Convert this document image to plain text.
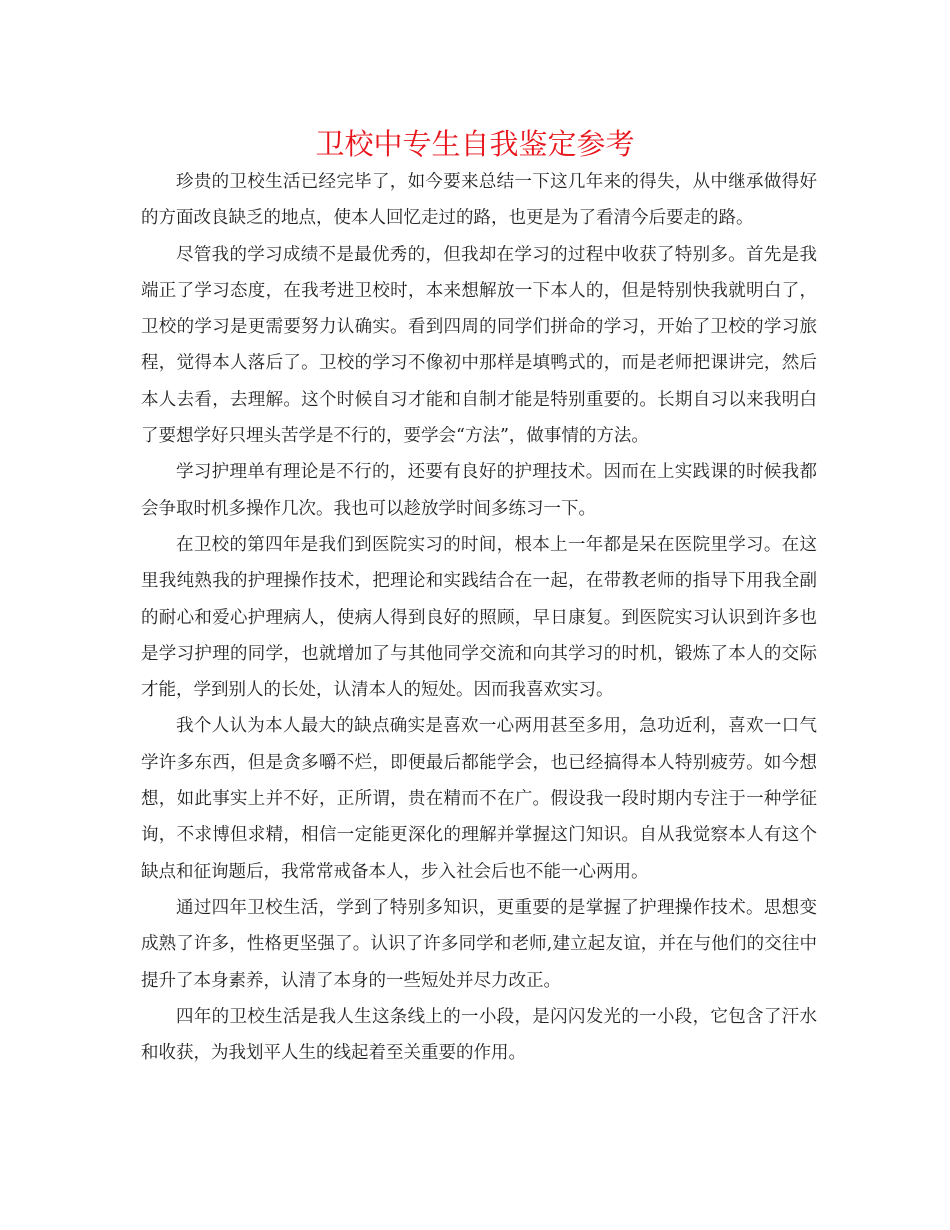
卫校中专生自我鉴定参考

珍贵的卫校生活已经完毕了，如今要来总结一下这几年来的得失，从中继承做得好的方面改良缺乏的地点，使本人回忆走过的路，也更是为了看清今后要走的路。

尽管我的学习成绩不是最优秀的，但我却在学习的过程中收获了特别多。首先是我端正了学习态度，在我考进卫校时，本来想解放一下本人的，但是特别快我就明白了，卫校的学习是更需要努力认确实。看到四周的同学们拼命的学习，开始了卫校的学习旅程，觉得本人落后了。卫校的学习不像初中那样是填鸭式的，而是老师把课讲完，然后本人去看，去理解。这个时候自习才能和自制才能是特别重要的。长期自习以来我明白了要想学好只埋头苦学是不行的，要学会“方法”，做事情的方法。

学习护理单有理论是不行的，还要有良好的护理技术。因而在上实践课的时候我都会争取时机多操作几次。我也可以趁放学时间多练习一下。

在卫校的第四年是我们到医院实习的时间，根本上一年都是呆在医院里学习。在这里我纯熟我的护理操作技术，把理论和实践结合在一起，在带教老师的指导下用我全副的耐心和爱心护理病人，使病人得到良好的照顾，早日康复。到医院实习认识到许多也是学习护理的同学，也就增加了与其他同学交流和向其学习的时机，锻炼了本人的交际才能，学到别人的长处，认清本人的短处。因而我喜欢实习。

我个人认为本人最大的缺点确实是喜欢一心两用甚至多用，急功近利，喜欢一口气学许多东西，但是贪多嚼不烂，即便最后都能学会，也已经搞得本人特别疲劳。如今想想，如此事实上并不好，正所谓，贵在精而不在广。假设我一段时期内专注于一种学征询，不求博但求精，相信一定能更深化的理解并掌握这门知识。自从我觉察本人有这个缺点和征询题后，我常常戒备本人，步入社会后也不能一心两用。

通过四年卫校生活，学到了特别多知识，更重要的是掌握了护理操作技术。思想变成熟了许多，性格更坚强了。认识了许多同学和老师,建立起友谊，并在与他们的交往中提升了本身素养，认清了本身的一些短处并尽力改正。

四年的卫校生活是我人生这条线上的一小段，是闪闪发光的一小段，它包含了汗水和收获，为我划平人生的线起着至关重要的作用。
